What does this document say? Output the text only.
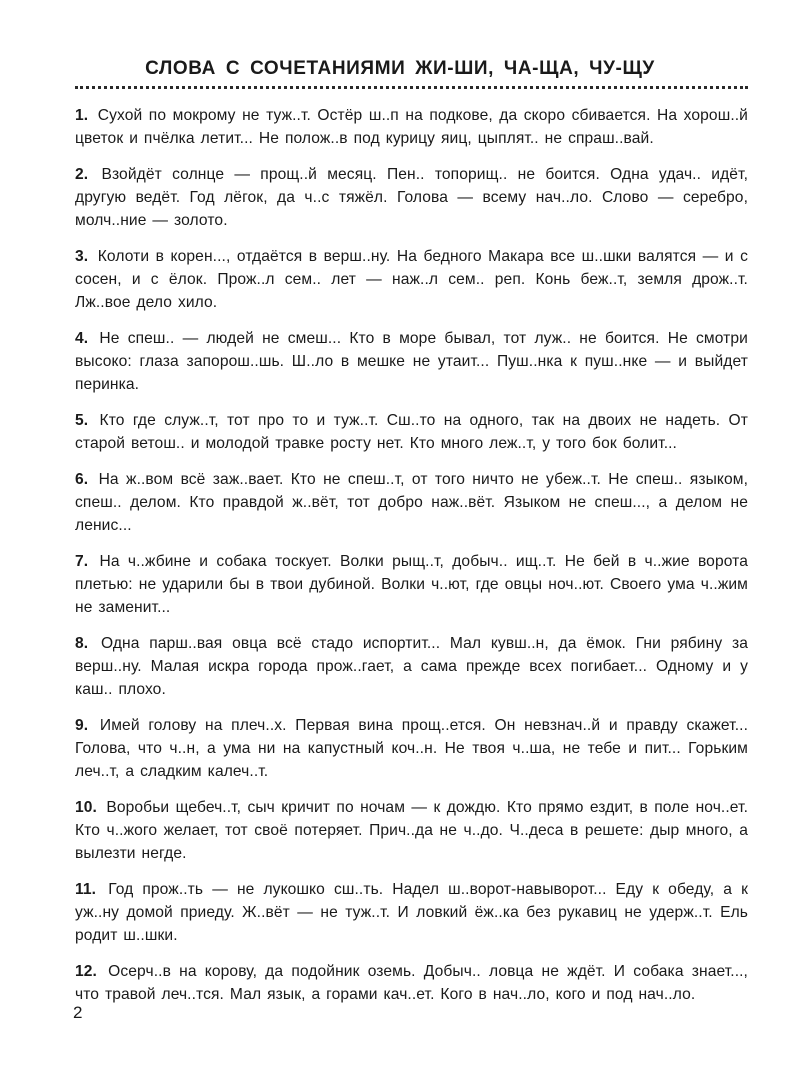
СЛОВА С СОЧЕТАНИЯМИ ЖИ-ШИ, ЧА-ЩА, ЧУ-ЩУ
1. Сухой по мокрому не туж..т. Остёр ш..п на подкове, да скоро сбивается. На хорош..й цветок и пчёлка летит... Не полож..в под курицу яиц, цыплят.. не спраш..вай.
2. Взойдёт солнце — прощ..й месяц. Пен.. топорищ.. не боится. Одна удач.. идёт, другую ведёт. Год лёгок, да ч..с тяжёл. Голова — всему нач..ло. Слово — серебро, молч..ние — золото.
3. Колоти в корен..., отдаётся в верш..ну. На бедного Макара все ш..шки валятся — и с сосен, и с ёлок. Прож..л сем.. лет — наж..л сем.. реп. Конь беж..т, земля дрож..т. Лж..вое дело хило.
4. Не спеш.. — людей не смеш... Кто в море бывал, тот луж.. не боится. Не смотри высоко: глаза запорош..шь. Ш..ло в мешке не утаит... Пуш..нка к пуш..нке — и выйдет перинка.
5. Кто где служ..т, тот про то и туж..т. Сш..то на одного, так на двоих не надеть. От старой ветош.. и молодой травке росту нет. Кто много леж..т, у того бок болит...
6. На ж..вом всё заж..вает. Кто не спеш..т, от того ничто не убеж..т. Не спеш.. языком, спеш.. делом. Кто правдой ж..вёт, тот добро наж..вёт. Языком не спеш..., а делом не ленис...
7. На ч..жбине и собака тоскует. Волки рыщ..т, добыч.. ищ..т. Не бей в ч..жие ворота плетью: не ударили бы в твои дубиной. Волки ч..ют, где овцы ноч..ют. Своего ума ч..жим не заменит...
8. Одна парш..вая овца всё стадо испортит... Мал кувш..н, да ёмок. Гни рябину за верш..ну. Малая искра города прож..гает, а сама прежде всех погибает... Одному и у каш.. плохо.
9. Имей голову на плеч..х. Первая вина прощ..ется. Он невзнач..й и правду скажет... Голова, что ч..н, а ума ни на капустный коч..н. Не твоя ч..ша, не тебе и пит... Горьким леч..т, а сладким калеч..т.
10. Воробьи щебеч..т, сыч кричит по ночам — к дождю. Кто прямо ездит, в поле ноч..ет. Кто ч..жого желает, тот своё потеряет. Прич..да не ч..до. Ч..деса в решете: дыр много, а вылезти негде.
11. Год прож..ть — не лукошко сш..ть. Надел ш..ворот-навыворот... Еду к обеду, а к уж..ну домой приеду. Ж..вёт — не туж..т. И ловкий ёж..ка без рукавиц не удерж..т. Ель родит ш..шки.
12. Осерч..в на корову, да подойник оземь. Добыч.. ловца не ждёт. И собака знает..., что травой леч..тся. Мал язык, а горами кач..ет. Кого в нач..ло, кого и под нач..ло.
2
